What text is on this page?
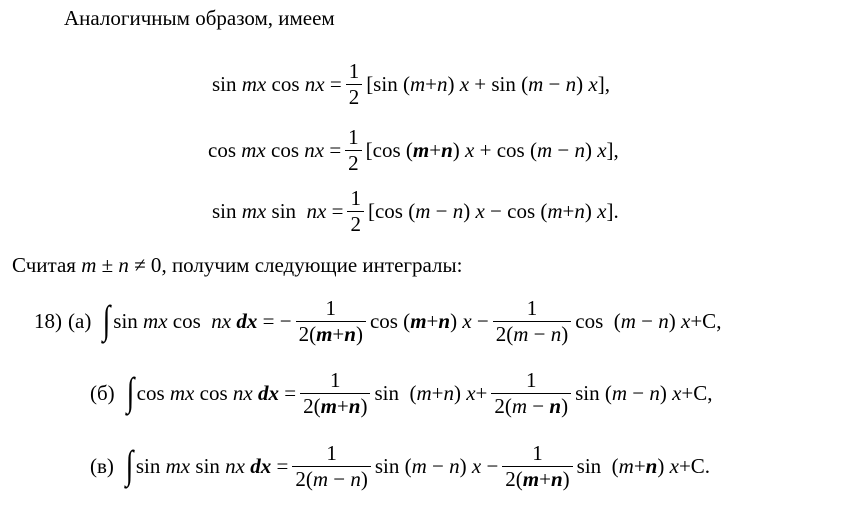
Аналогичным образом, имеем
sin mx cos nx = $\frac{1}{2} [\sin$ ( m + n ) x + sin ( m − n ) x ],
cos mx cos nx = $\frac{1}{2} [\cos$ ( m + n ) x + cos ( m − n ) x ],
sin mx sin nx = $\frac{1}{2} [\cos$ ( m − n ) x − cos ( m + n ) x ].
Считая
m ± n ≠ 0 , получим следующие интегралы:
18) (а) ∫ sin mx cos nx
dx = − $\frac{1}{2(m+n)}$ cos ( m + n ) $x - \frac{1}{2(m - n)}$ cos  ( m − n ) x +C,
(б) ∫ cos mx cos nx
dx = $\frac{1}{2(m+n)}$ sin  ( m + n ) $x + \frac{1}{2(m - n)}$ sin ( m − n ) x +C,
(в) ∫ sin mx sin nx
dx = $\frac{1}{2(m - n)}$ sin ( m − n ) $x - \frac{1}{2(m+n)}$ sin  ( m + n ) x +C.
